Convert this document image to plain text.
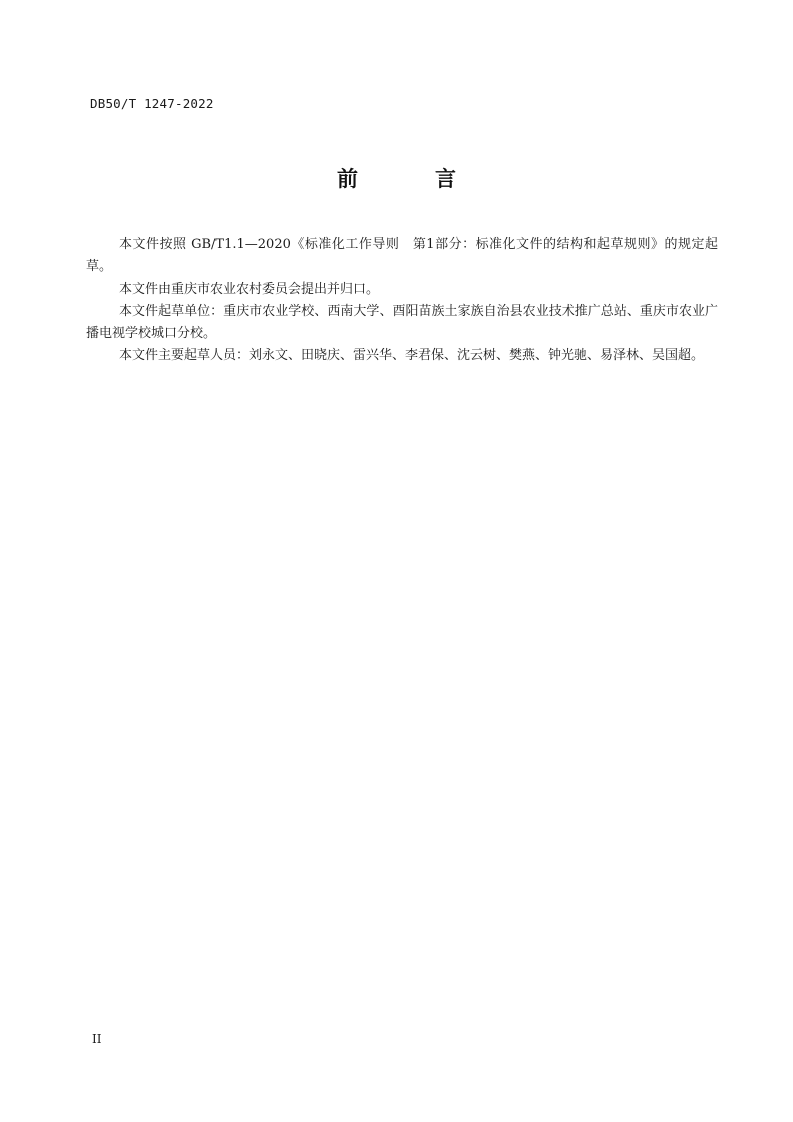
DB50/T 1247-2022
前　言

本文件按照 GB/T1.1—2020《标准化工作导则　第1部分：标准化文件的结构和起草规则》的规定起草。

本文件由重庆市农业农村委员会提出并归口。

本文件起草单位：重庆市农业学校、西南大学、酉阳苗族土家族自治县农业技术推广总站、重庆市农业广播电视学校城口分校。

本文件主要起草人员：刘永文、田晓庆、雷兴华、李君保、沈云树、樊燕、钟光驰、易泽林、吴国超。

II
